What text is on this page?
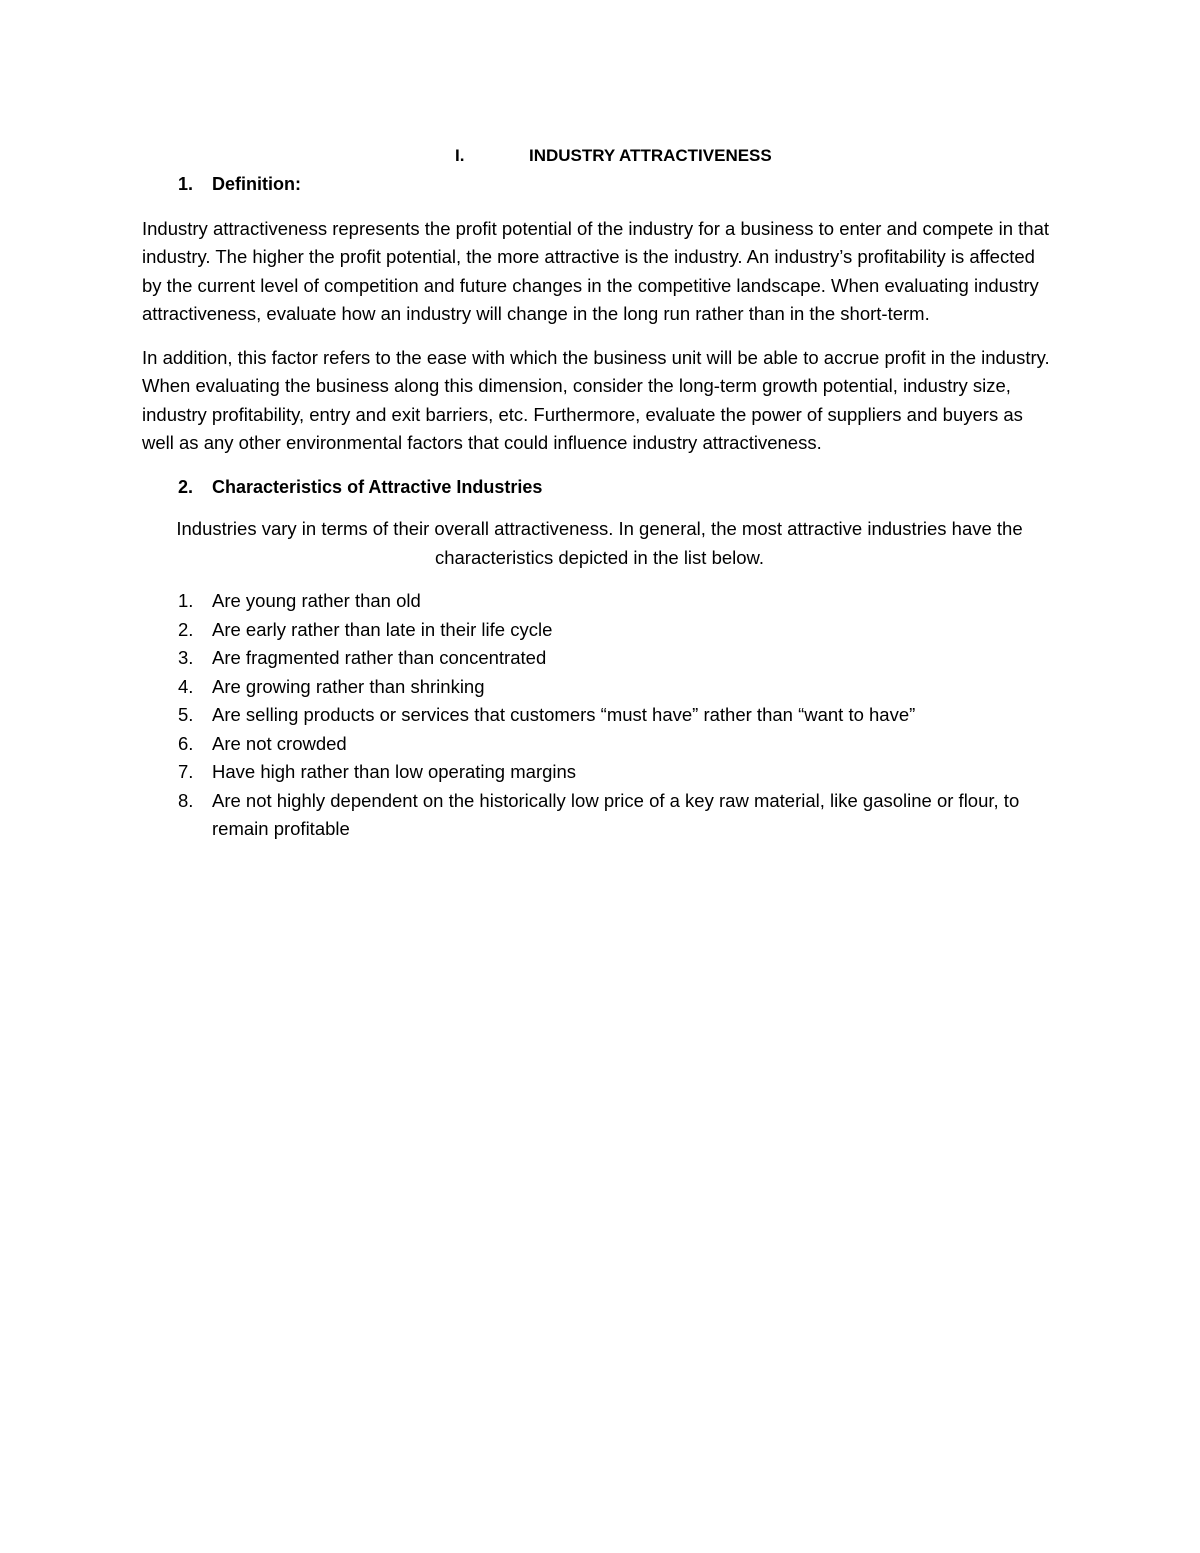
I.	INDUSTRY ATTRACTIVENESS
1.	Definition:

Industry attractiveness represents the profit potential of the industry for a business to enter and compete in that industry. The higher the profit potential, the more attractive is the industry. An industry’s profitability is affected by the current level of competition and future changes in the competitive landscape. When evaluating industry attractiveness, evaluate how an industry will change in the long run rather than in the short-term.

In addition, this factor refers to the ease with which the business unit will be able to accrue profit in the industry. When evaluating the business along this dimension, consider the long-term growth potential, industry size, industry profitability, entry and exit barriers, etc. Furthermore, evaluate the power of suppliers and buyers as well as any other environmental factors that could influence industry attractiveness.

2.	Characteristics of Attractive Industries

Industries vary in terms of their overall attractiveness. In general, the most attractive industries have the characteristics depicted in the list below.

1.	Are young rather than old
2.	Are early rather than late in their life cycle
3.	Are fragmented rather than concentrated
4.	Are growing rather than shrinking
5.	Are selling products or services that customers “must have” rather than “want to have”
6.	Are not crowded
7.	Have high rather than low operating margins
8.	Are not highly dependent on the historically low price of a key raw material, like gasoline or flour, to remain profitable
